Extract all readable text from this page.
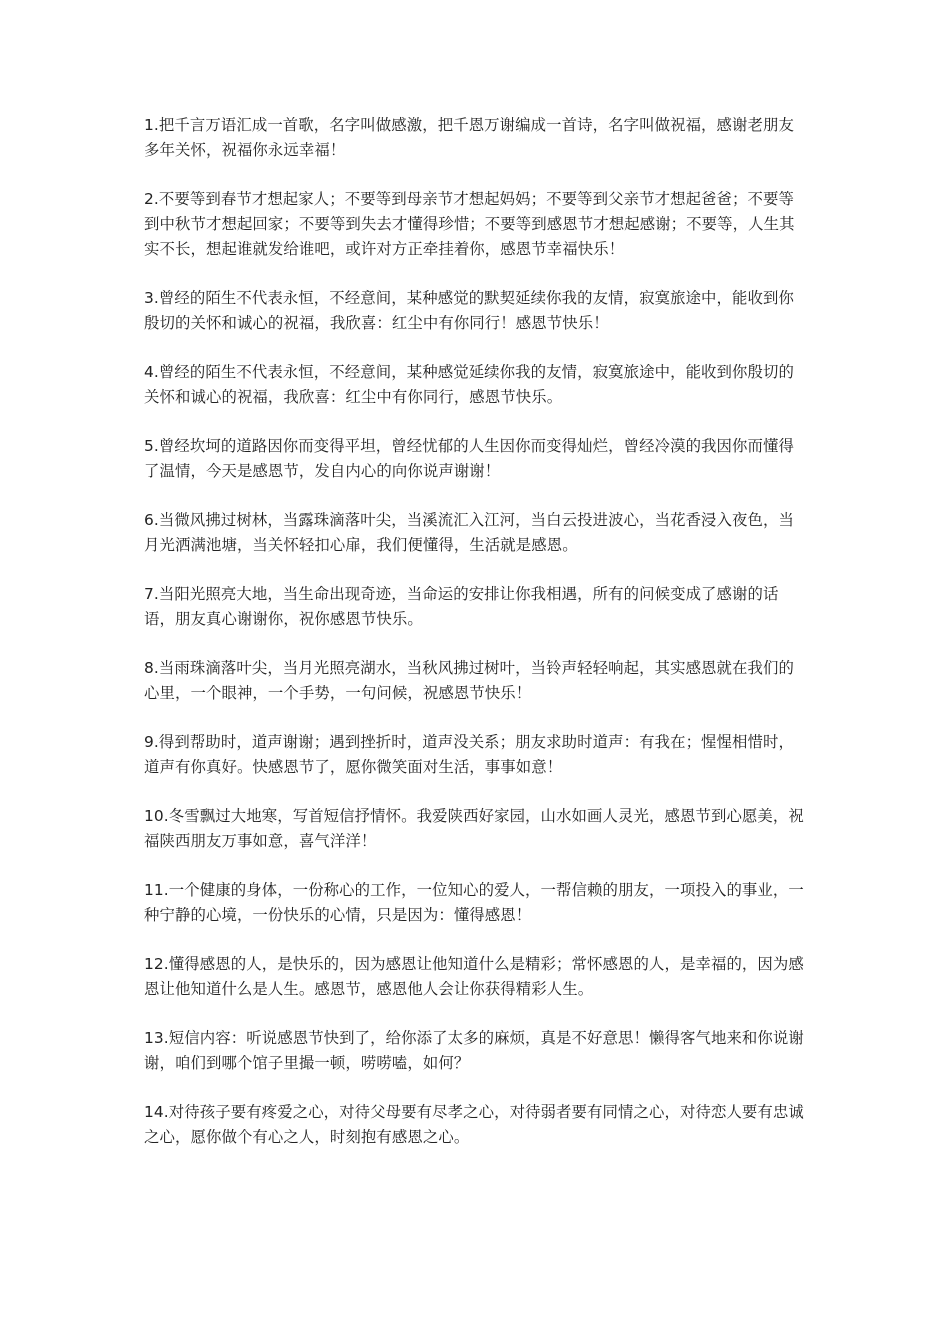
1.把千言万语汇成一首歌，名字叫做感激，把千恩万谢编成一首诗，名字叫做祝福，感谢老朋友多年关怀，祝福你永远幸福！

2.不要等到春节才想起家人；不要等到母亲节才想起妈妈；不要等到父亲节才想起爸爸；不要等到中秋节才想起回家；不要等到失去才懂得珍惜；不要等到感恩节才想起感谢；不要等，人生其实不长，想起谁就发给谁吧，或许对方正牵挂着你，感恩节幸福快乐！

3.曾经的陌生不代表永恒，不经意间，某种感觉的默契延续你我的友情，寂寞旅途中，能收到你殷切的关怀和诚心的祝福，我欣喜：红尘中有你同行！感恩节快乐！

4.曾经的陌生不代表永恒，不经意间，某种感觉延续你我的友情，寂寞旅途中，能收到你殷切的关怀和诚心的祝福，我欣喜：红尘中有你同行，感恩节快乐。

5.曾经坎坷的道路因你而变得平坦，曾经忧郁的人生因你而变得灿烂，曾经冷漠的我因你而懂得了温情，今天是感恩节，发自内心的向你说声谢谢！

6.当微风拂过树林，当露珠滴落叶尖，当溪流汇入江河，当白云投进波心，当花香浸入夜色，当月光洒满池塘，当关怀轻扣心扉，我们便懂得，生活就是感恩。

7.当阳光照亮大地，当生命出现奇迹，当命运的安排让你我相遇，所有的问候变成了感谢的话语，朋友真心谢谢你，祝你感恩节快乐。

8.当雨珠滴落叶尖，当月光照亮湖水，当秋风拂过树叶，当铃声轻轻响起，其实感恩就在我们的心里，一个眼神，一个手势，一句问候，祝感恩节快乐！

9.得到帮助时，道声谢谢；遇到挫折时，道声没关系；朋友求助时道声：有我在；惺惺相惜时，道声有你真好。快感恩节了，愿你微笑面对生活，事事如意！

10.冬雪飘过大地寒，写首短信抒情怀。我爱陕西好家园，山水如画人灵光，感恩节到心愿美，祝福陕西朋友万事如意，喜气洋洋！

11.一个健康的身体，一份称心的工作，一位知心的爱人，一帮信赖的朋友，一项投入的事业，一种宁静的心境，一份快乐的心情，只是因为：懂得感恩！

12.懂得感恩的人，是快乐的，因为感恩让他知道什么是精彩；常怀感恩的人，是幸福的，因为感恩让他知道什么是人生。感恩节，感恩他人会让你获得精彩人生。

13.短信内容：听说感恩节快到了，给你添了太多的麻烦，真是不好意思！懒得客气地来和你说谢谢，咱们到哪个馆子里撮一顿，唠唠嗑，如何？

14.对待孩子要有疼爱之心，对待父母要有尽孝之心，对待弱者要有同情之心，对待恋人要有忠诚之心，愿你做个有心之人，时刻抱有感恩之心。
